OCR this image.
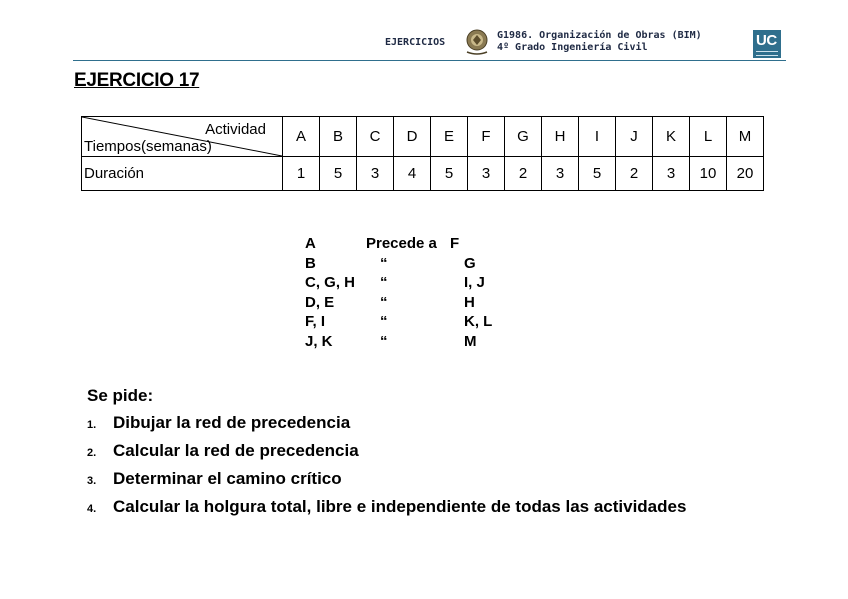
EJERCICIOS
G1986. Organización de Obras (BIM)
4º Grado Ingeniería Civil	UC
EJERCICIO 17
Actividad
Tiempos(semanas)	A	B	C	D	E	F	G	H	I	J	K	L	M
Duración	1	5	3	4	5	3	2	3	5	2	3	10	20
A	Precede a F
B	“	G
C, G, H	“	I, J
D, E	“	H
F, I	“	K, L
J, K	“	M
Se pide:
1. Dibujar la red de precedencia
2. Calcular la red de precedencia
3. Determinar el camino crítico
4. Calcular la holgura total, libre e independiente de todas las actividades
